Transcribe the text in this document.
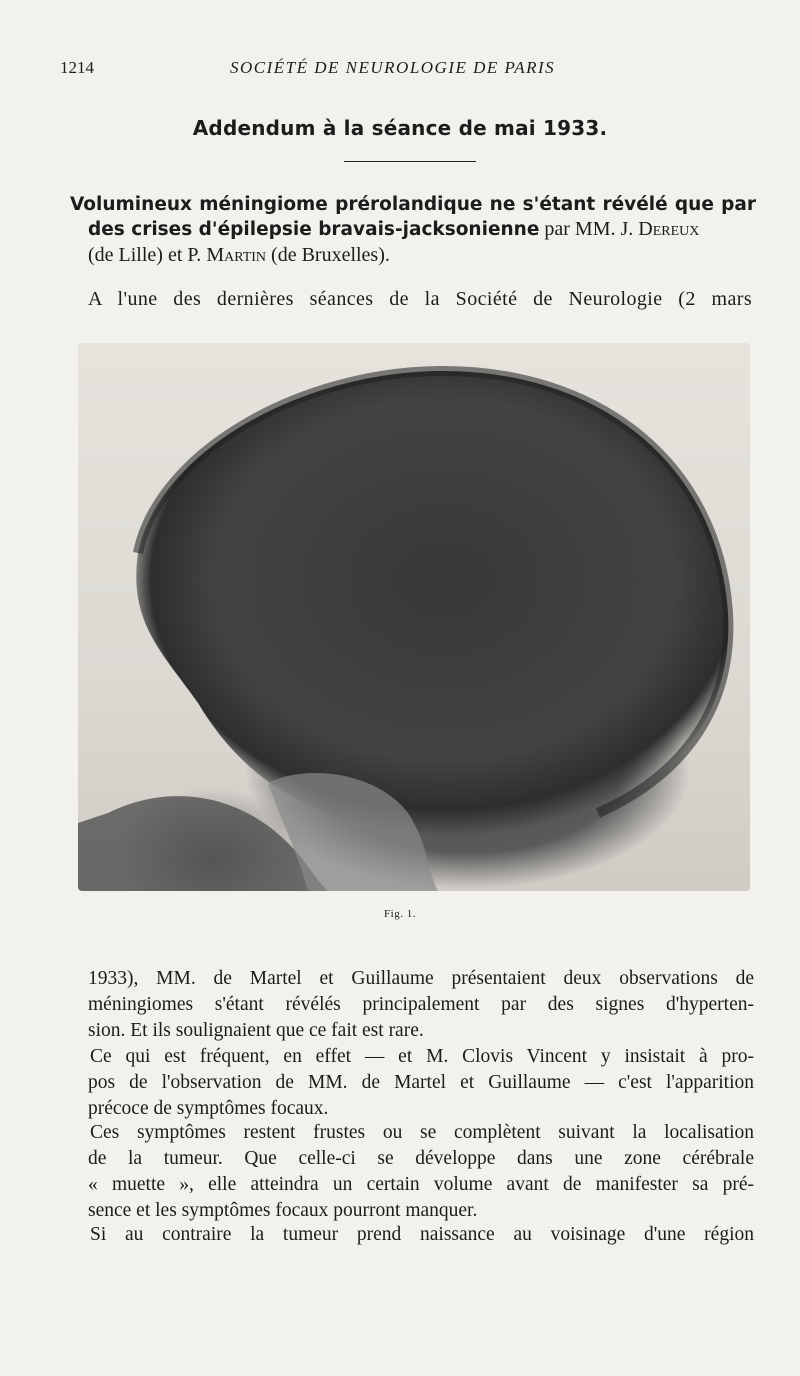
1214	SOCIÉTÉ DE NEUROLOGIE DE PARIS
Addendum à la séance de mai 1933.
Volumineux méningiome prérolandique ne s'étant révélé que par
des crises d'épilepsie bravais-jacksonienne par MM. J. Dereux
(de Lille) et P. Martin (de Bruxelles).
A l'une des dernières séances de la Société de Neurologie (2 mars
Fig. 1.
1933), MM. de Martel et Guillaume présentaient deux observations de
méningiomes s'étant révélés principalement par des signes d'hyperten-
sion. Et ils soulignaient que ce fait est rare.
Ce qui est fréquent, en effet — et M. Clovis Vincent y insistait à pro-
pos de l'observation de MM. de Martel et Guillaume — c'est l'apparition
précoce de symptômes focaux.
Ces symptômes restent frustes ou se complètent suivant la localisation
de la tumeur. Que celle-ci se développe dans une zone cérébrale
« muette », elle atteindra un certain volume avant de manifester sa pré-
sence et les symptômes focaux pourront manquer.
Si au contraire la tumeur prend naissance au voisinage d'une région
